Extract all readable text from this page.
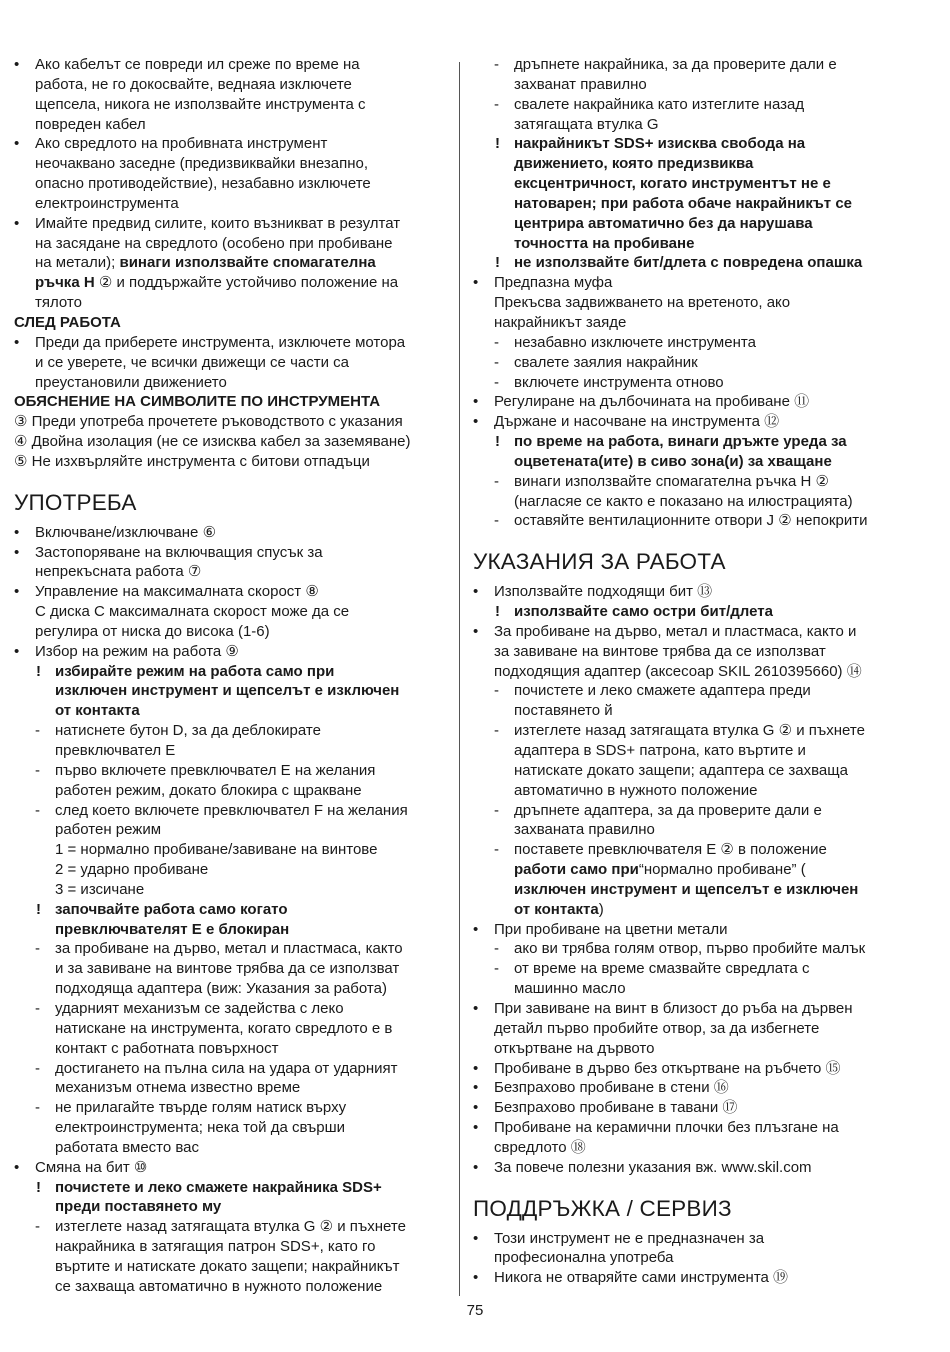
• Ако кабелът се повреди ил среже по време на
работа, не го докосвайте, веднаяа изключете
щепсела, никога не използвайте инструмента с
повреден кабел
• Ако свредлото на пробивната инструмент
неочаквано заседне (предизвиквайки внезапно,
опасно противодействие), незабавно изключете
електроинструмента
• Имайте предвид силите, които възникват в резултат
на засядане на свредлото (особено при пробиване
на метали); винаги използвайте спомагателна
ръчка H ② и поддържайте устойчиво положение на
тялото
СЛЕД РАБОТА
• Преди да приберете инструмента, изключете мотора
и се уверете, че всички движещи се части са
преустановили движението
ОБЯСНЕНИЕ НА СИМВОЛИТЕ ПО ИНСТРУМЕНТА
③ Преди употреба прочетете ръководството с указания
④ Двойна изолация (не се изисква кабел за заземяване)
⑤ Не изхвърляйте инструмента с битови отпадъци
УПОТРЕБА
• Включване/изключване ⑥
• Застопоряване на включващия спусък за
непрекъсната работа ⑦
• Управление на максималната скорост ⑧
С диска C максималната скорост може да се
регулира от ниска до висока (1-6)
• Избор на режим на работа ⑨
! избирайте режим на работа само при
изключен инструмент и щепселът е изключен
от контакта
- натиснете бутон D, за да деблокирате
превключвател E
- първо включете превключвател E на желания
работен режим, докато блокира с щракване
- след което включете превключвател F на желания
работен режим
1 = нормално пробиване/завиване на винтове
2 = ударно пробиване
3 = изсичане
! започвайте работа само когато
превключвателят E е блокиран
- за пробиване на дърво, метал и пластмаса, както
и за завиване на винтове трябва да се използват
подходяща адаптера (виж: Указания за работа)
- ударният механизъм се задейства с леко
натискане на инструмента, когато свредлото е в
контакт с работната повърхност
- достигането на пълна сила на удара от ударният
механизъм отнема известно време
- не прилагайте твърде голям натиск върху
електроинструмента; нека той да свърши
работата вместо вас
• Смяна на бит ⑩
! почистете и леко смажете накрайника SDS+
преди поставянето му
- изтеглете назад затягащата втулка G ② и пъхнете
накрайника в затягащия патрон SDS+, като го
въртите и натискате докато защепи; накрайникът
се захваща автоматично в нужното положение
- дръпнете накрайника, за да проверите дали е
захванат правилно
- свалете накрайника като изтеглите назад
затягащата втулка G
! накрайникът SDS+ изисква свобода на
движението, която предизвиква
ексцентричност, когато инструментът не е
натоварен; при работа обаче накрайникът се
центрира автоматично без да нарушава
точността на пробиване
! не използвайте бит/длета с повредена опашка
• Предпазна муфа
Прекъсва задвижването на вретеното, ако
накрайникът заяде
- незабавно изключете инструмента
- свалете заялия накрайник
- включете инструмента отново
• Регулиране на дълбочината на пробиване ⑪
• Държане и насочване на инструмента ⑫
! по време на работа, винаги дръжте уреда за
оцветената(ите) в сиво зона(и) за хващане
- винаги използвайте спомагателна ръчка H ②
(нагласяе се както е показано на илюстрацията)
- оставяйте вентилационните отвори J ② непокрити
УКАЗАНИЯ ЗА РАБОТА
• Използвайте подходящи бит ⑬
! използвайте само остри бит/длета
• За пробиване на дърво, метал и пластмаса, както и
за завиване на винтове трябва да се използват
подходящия адаптер (аксесоар SKIL 2610395660) ⑭
- почистете и леко смажете адаптера преди
поставянето й
- изтеглете назад затягащата втулка G ② и пъхнете
адаптера в SDS+ патрона, като въртите и
натискате докато защепи; адаптера се захваща
автоматично в нужното положение
- дръпнете адаптера, за да проверите дали е
захваната правилно
- поставете превключвателя E ② в положение
работи само при“нормално пробиване” (
изключен инструмент и щепселът е изключен
от контакта)
• При пробиване на цветни метали
- ако ви трябва голям отвор, първо пробийте малък
- от време на време смазвайте свредлата с
машинно масло
• При завиване на винт в близост до ръба на дървен
детайл първо пробийте отвор, за да избегнете
откъртване на дървото
• Пробиване в дърво без откъртване на ръбчето ⑮
• Безпрахово пробиване в стени ⑯
• Безпрахово пробиване в тавани ⑰
• Пробиване на керамични плочки без плъзгане на
свредлото ⑱
• За повече полезни указания вж. www.skil.com
ПОДДРЪЖКА / СЕРВИЗ
• Този инструмент не е предназначен за
професионална употреба
• Никога не отваряйте сами инструмента ⑲
75
